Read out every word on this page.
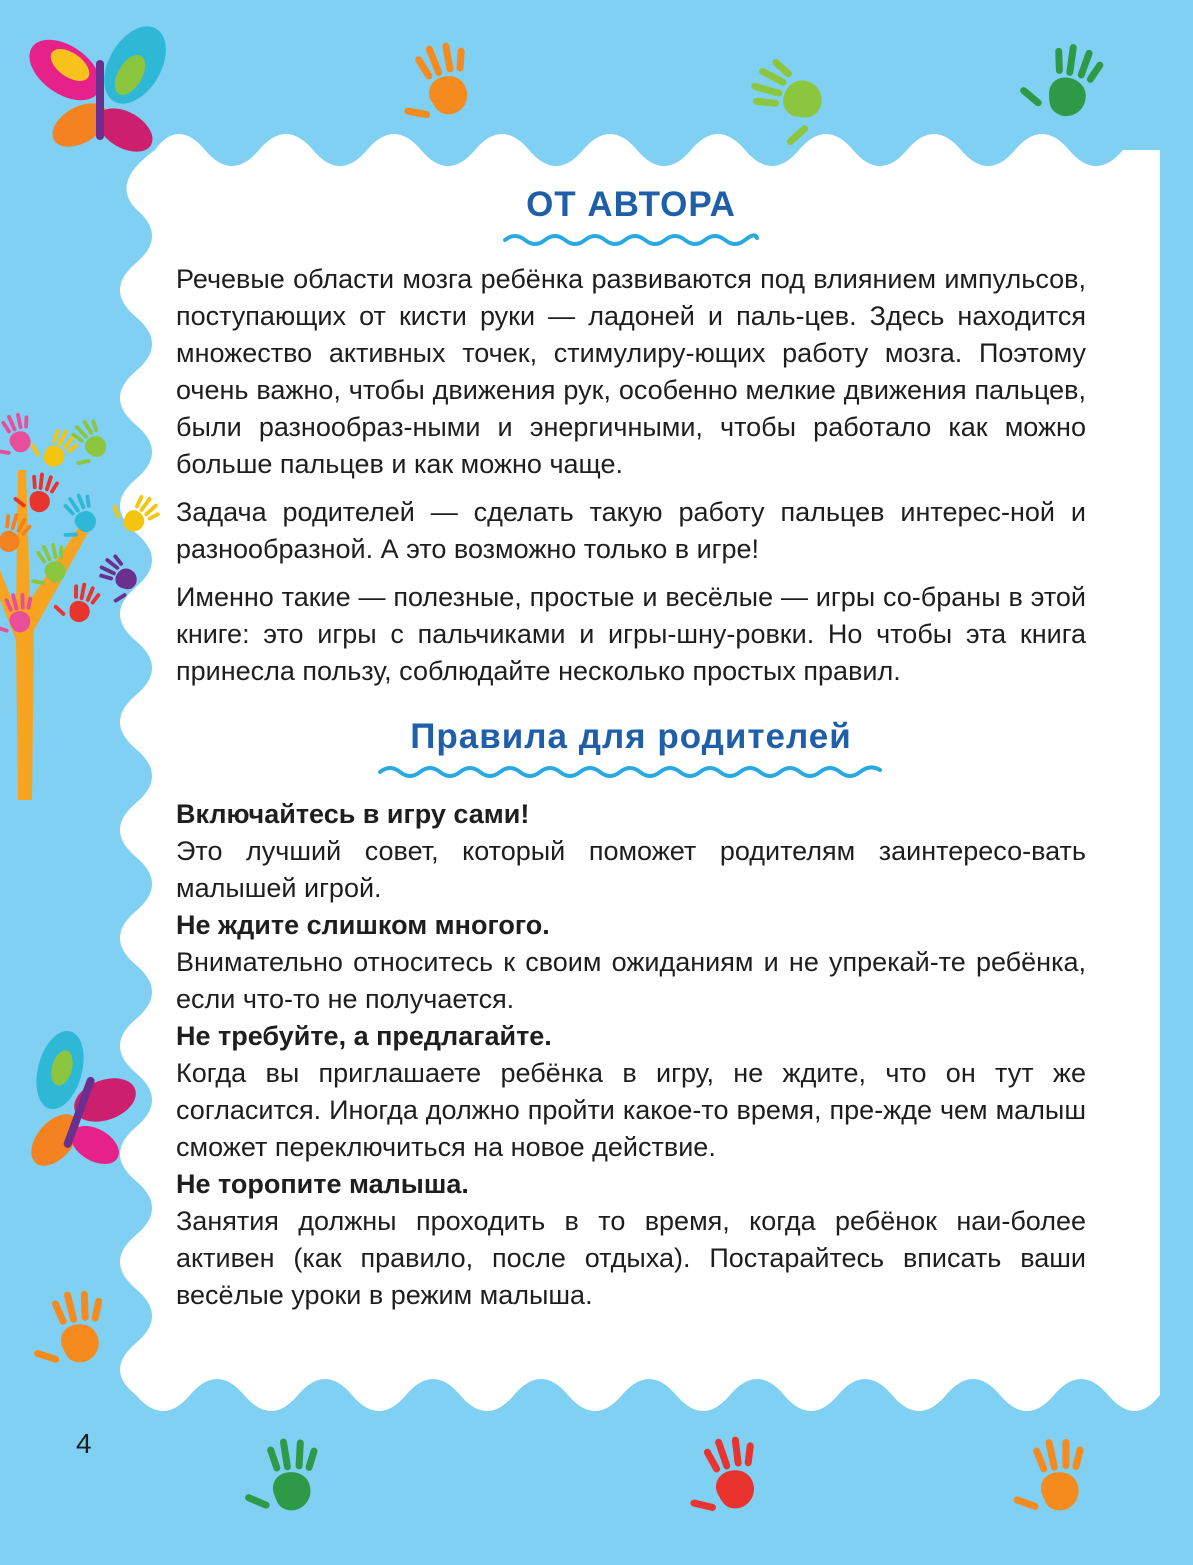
ОТ АВТОРА

Речевые области мозга ребёнка развиваются под влиянием импульсов, поступающих от кисти руки — ладоней и паль-цев. Здесь находится множество активных точек, стимулиру-ющих работу мозга. Поэтому очень важно, чтобы движения рук, особенно мелкие движения пальцев, были разнообраз-ными и энергичными, чтобы работало как можно больше пальцев и как можно чаще.

Задача родителей — сделать такую работу пальцев интерес-ной и разнообразной. А это возможно только в игре!

Именно такие — полезные, простые и весёлые — игры со-браны в этой книге: это игры с пальчиками и игры-шну-ровки. Но чтобы эта книга принесла пользу, соблюдайте несколько простых правил.

Правила для родителей

Включайтесь в игру сами!

Это лучший совет, который поможет родителям заинтересо-вать малышей игрой.

Не ждите слишком многого.

Внимательно относитесь к своим ожиданиям и не упрекай-те ребёнка, если что-то не получается.

Не требуйте, а предлагайте.

Когда вы приглашаете ребёнка в игру, не ждите, что он тут же согласится. Иногда должно пройти какое-то время, пре-жде чем малыш сможет переключиться на новое действие.

Не торопите малыша.

Занятия должны проходить в то время, когда ребёнок наи-более активен (как правило, после отдыха). Постарайтесь вписать ваши весёлые уроки в режим малыша.

4
